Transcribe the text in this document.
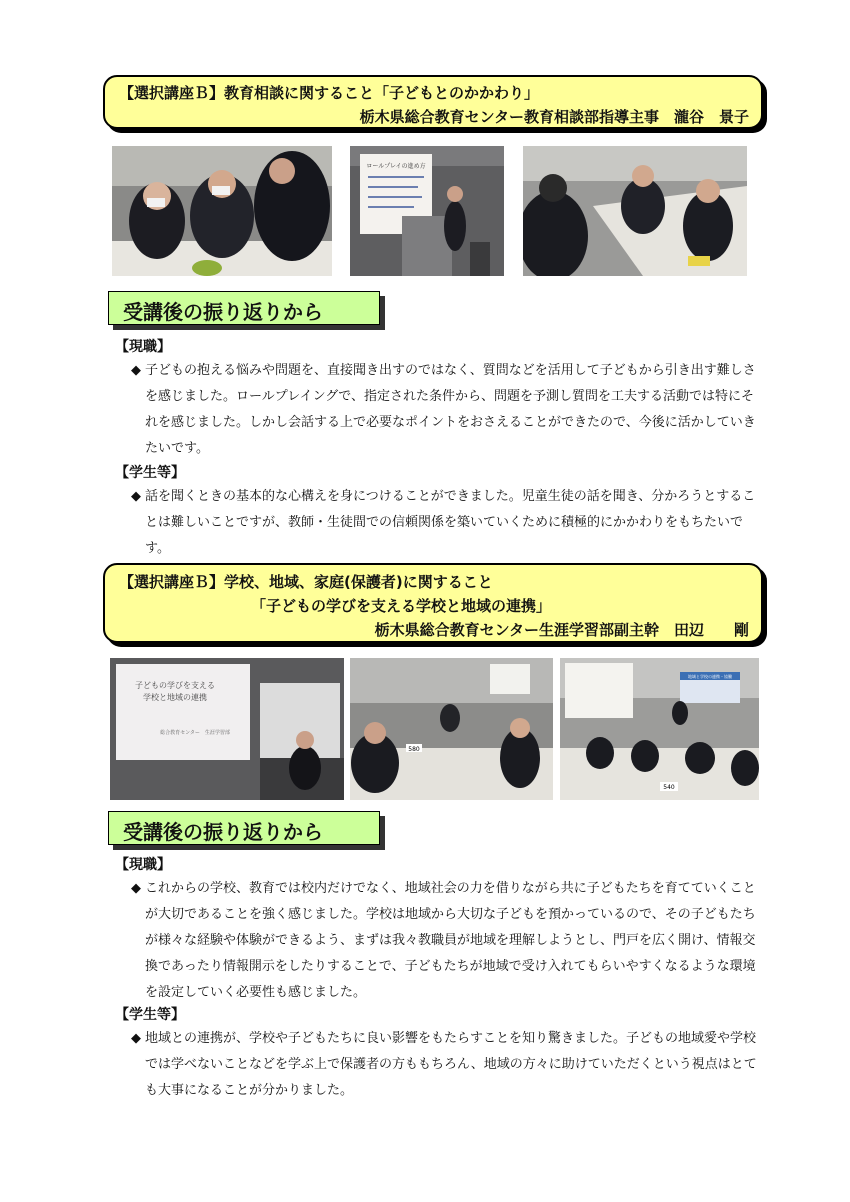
【選択講座Ｂ】教育相談に関すること「子どもとのかかわり」
栃木県総合教育センター教育相談部指導主事　瀧谷　景子
ロールプレイの進め方
受講後の振り返りから
【現職】
◆ 子どもの抱える悩みや問題を、直接聞き出すのではなく、質問などを活用して子どもから引き出す難しさを感じました。ロールプレイングで、指定された条件から、問題を予測し質問を工夫する活動では特にそれを感じました。しかし会話する上で必要なポイントをおさえることができたので、今後に活かしていきたいです。
【学生等】
◆ 話を聞くときの基本的な心構えを身につけることができました。児童生徒の話を聞き、分かろうとすることは難しいことですが、教師・生徒間での信頼関係を築いていくために積極的にかかわりをもちたいです。
【選択講座Ｂ】学校、地域、家庭(保護者)に関すること
「子どもの学びを支える学校と地域の連携」
栃木県総合教育センター生涯学習部副主幹　田辺　　剛
子どもの学びを支える
学校と地域の連携
総合教育センター　生涯学習部
580
地域と学校の連携・協働
540
受講後の振り返りから
【現職】
◆ これからの学校、教育では校内だけでなく、地域社会の力を借りながら共に子どもたちを育てていくことが大切であることを強く感じました。学校は地域から大切な子どもを預かっているので、その子どもたちが様々な経験や体験ができるよう、まずは我々教職員が地域を理解しようとし、門戸を広く開け、情報交換であったり情報開示をしたりすることで、子どもたちが地域で受け入れてもらいやすくなるような環境を設定していく必要性も感じました。
【学生等】
◆ 地域との連携が、学校や子どもたちに良い影響をもたらすことを知り驚きました。子どもの地域愛や学校では学べないことなどを学ぶ上で保護者の方ももちろん、地域の方々に助けていただくという視点はとても大事になることが分かりました。
